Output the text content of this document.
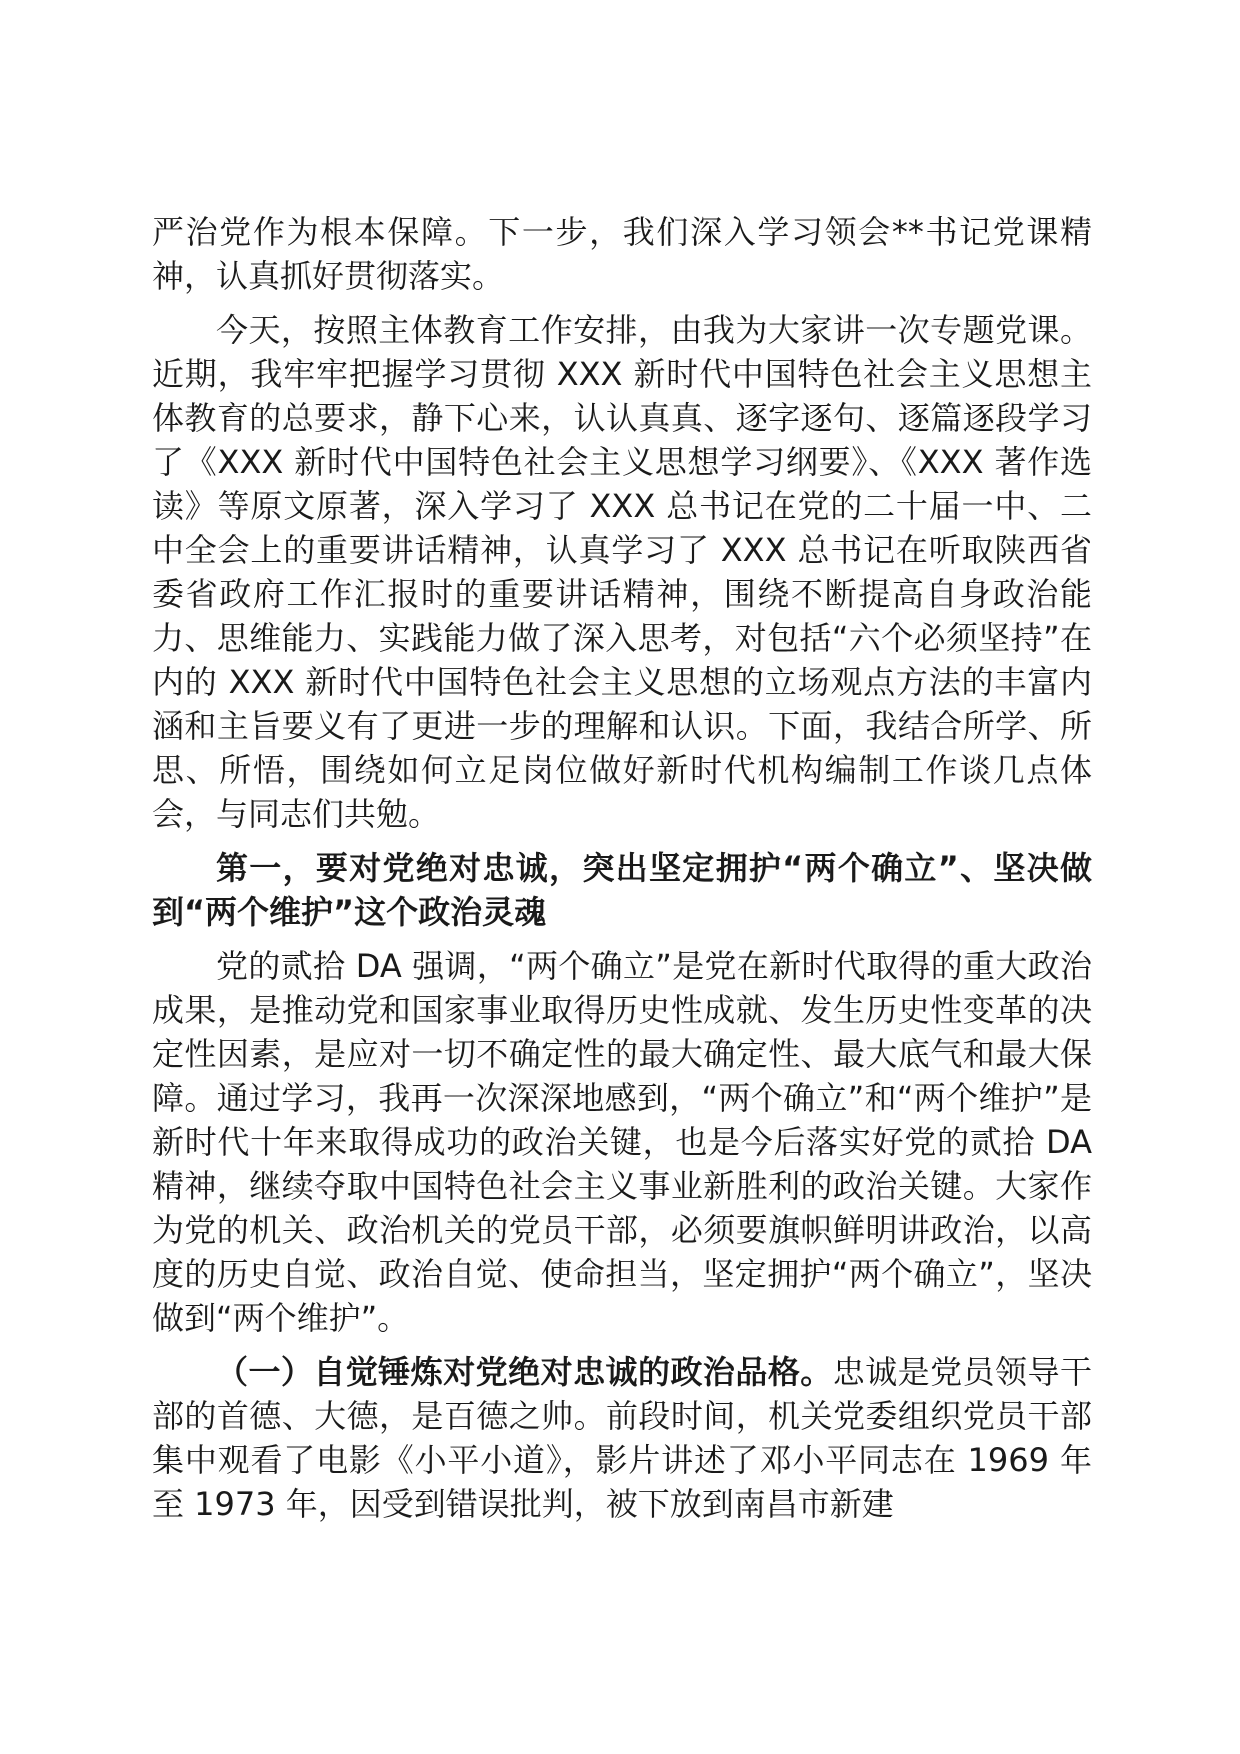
严治党作为根本保障。下一步，我们深入学习领会**书记党课精神，认真抓好贯彻落实。

今天，按照主体教育工作安排，由我为大家讲一次专题党课。近期，我牢牢把握学习贯彻 XXX 新时代中国特色社会主义思想主体教育的总要求，静下心来，认认真真、逐字逐句、逐篇逐段学习了《XXX 新时代中国特色社会主义思想学习纲要》、《XXX 著作选读》等原文原著，深入学习了 XXX 总书记在党的二十届一中、二中全会上的重要讲话精神，认真学习了 XXX 总书记在听取陕西省委省政府工作汇报时的重要讲话精神，围绕不断提高自身政治能力、思维能力、实践能力做了深入思考，对包括“六个必须坚持”在内的 XXX 新时代中国特色社会主义思想的立场观点方法的丰富内涵和主旨要义有了更进一步的理解和认识。下面，我结合所学、所思、所悟，围绕如何立足岗位做好新时代机构编制工作谈几点体会，与同志们共勉。

第一，要对党绝对忠诚，突出坚定拥护“两个确立”、坚决做到“两个维护”这个政治灵魂

党的贰拾 DA 强调，“两个确立”是党在新时代取得的重大政治成果，是推动党和国家事业取得历史性成就、发生历史性变革的决定性因素，是应对一切不确定性的最大确定性、最大底气和最大保障。通过学习，我再一次深深地感到，“两个确立”和“两个维护”是新时代十年来取得成功的政治关键，也是今后落实好党的贰拾 DA 精神，继续夺取中国特色社会主义事业新胜利的政治关键。大家作为党的机关、政治机关的党员干部，必须要旗帜鲜明讲政治，以高度的历史自觉、政治自觉、使命担当，坚定拥护“两个确立”，坚决做到“两个维护”。

（一）自觉锤炼对党绝对忠诚的政治品格。忠诚是党员领导干部的首德、大德，是百德之帅。前段时间，机关党委组织党员干部集中观看了电影《小平小道》，影片讲述了邓小平同志在 1969 年至 1973 年，因受到错误批判，被下放到南昌市新建
